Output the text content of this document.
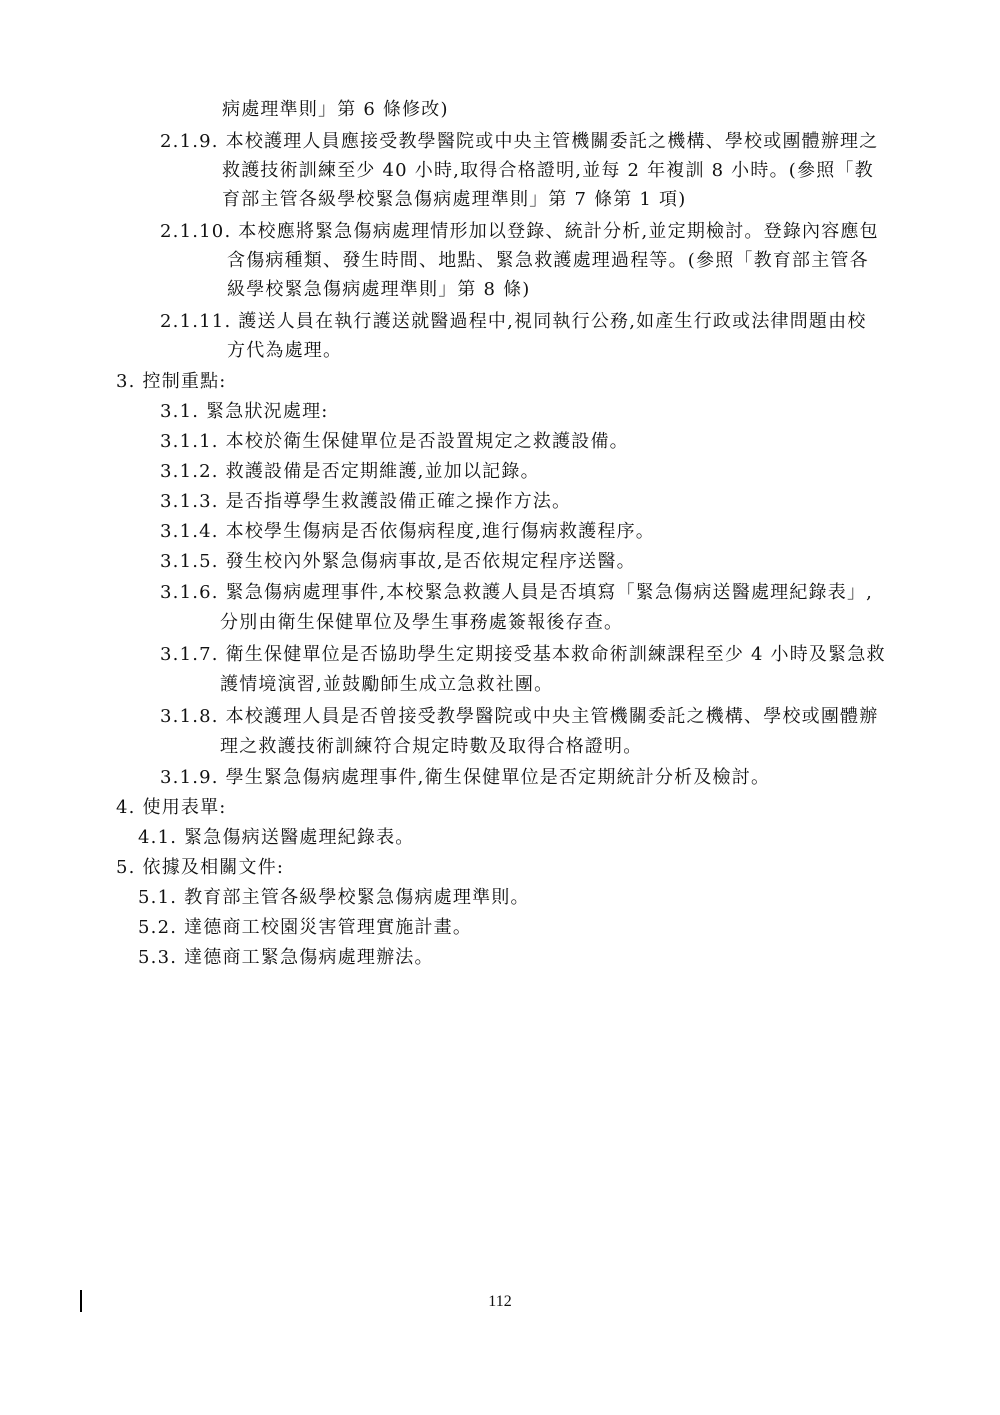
病處理準則」第 6 條修改)
2.1.9. 本校護理人員應接受教學醫院或中央主管機關委託之機構、學校或團體辦理之
救護技術訓練至少 40 小時,取得合格證明,並每 2 年複訓 8 小時。(參照「教
育部主管各級學校緊急傷病處理準則」第 7 條第 1 項)
2.1.10. 本校應將緊急傷病處理情形加以登錄、統計分析,並定期檢討。登錄內容應包
含傷病種類、發生時間、地點、緊急救護處理過程等。(參照「教育部主管各
級學校緊急傷病處理準則」第 8 條)
2.1.11. 護送人員在執行護送就醫過程中,視同執行公務,如產生行政或法律問題由校
方代為處理。
3. 控制重點:
3.1. 緊急狀況處理:
3.1.1. 本校於衛生保健單位是否設置規定之救護設備。
3.1.2. 救護設備是否定期維護,並加以記錄。
3.1.3. 是否指導學生救護設備正確之操作方法。
3.1.4. 本校學生傷病是否依傷病程度,進行傷病救護程序。
3.1.5. 發生校內外緊急傷病事故,是否依規定程序送醫。
3.1.6. 緊急傷病處理事件,本校緊急救護人員是否填寫「緊急傷病送醫處理紀錄表」,
分別由衛生保健單位及學生事務處簽報後存查。
3.1.7. 衛生保健單位是否協助學生定期接受基本救命術訓練課程至少 4 小時及緊急救
護情境演習,並鼓勵師生成立急救社團。
3.1.8. 本校護理人員是否曾接受教學醫院或中央主管機關委託之機構、學校或團體辦
理之救護技術訓練符合規定時數及取得合格證明。
3.1.9. 學生緊急傷病處理事件,衛生保健單位是否定期統計分析及檢討。
4. 使用表單:
4.1. 緊急傷病送醫處理紀錄表。
5. 依據及相關文件:
5.1. 教育部主管各級學校緊急傷病處理準則。
5.2. 達德商工校園災害管理實施計畫。
5.3. 達德商工緊急傷病處理辦法。
112
